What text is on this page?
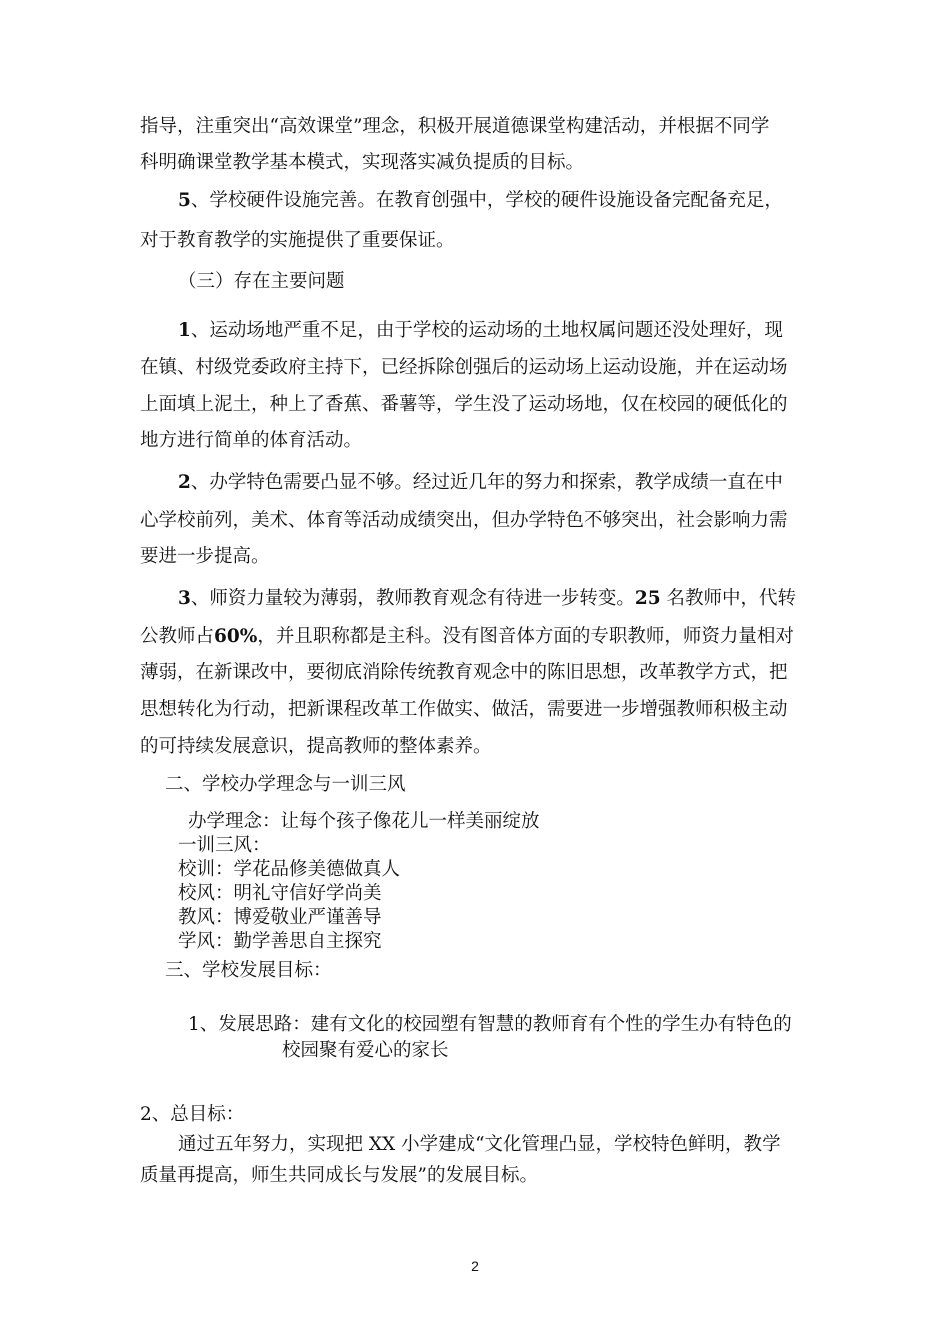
指导，注重突出“高效课堂”理念，积极开展道德课堂构建活动，并根据不同学

科明确课堂教学基本模式，实现落实减负提质的目标。

5、学校硬件设施完善。在教育创强中，学校的硬件设施设备完配备充足，

对于教育教学的实施提供了重要保证。

（三）存在主要问题

1、运动场地严重不足，由于学校的运动场的土地权属问题还没处理好，现

在镇、村级党委政府主持下，已经拆除创强后的运动场上运动设施，并在运动场

上面填上泥土，种上了香蕉、番薯等，学生没了运动场地，仅在校园的硬低化的

地方进行简单的体育活动。

2、办学特色需要凸显不够。经过近几年的努力和探索，教学成绩一直在中

心学校前列，美术、体育等活动成绩突出，但办学特色不够突出，社会影响力需

要进一步提高。

3、师资力量较为薄弱，教师教育观念有待进一步转变。25 名教师中，代转

公教师占60%，并且职称都是主科。没有图音体方面的专职教师，师资力量相对

薄弱，在新课改中，要彻底消除传统教育观念中的陈旧思想，改革教学方式，把

思想转化为行动，把新课程改革工作做实、做活，需要进一步增强教师积极主动

的可持续发展意识，提高教师的整体素养。

二、学校办学理念与一训三风

办学理念：让每个孩子像花儿一样美丽绽放

一训三风：

校训：学花品修美德做真人

校风：明礼守信好学尚美

教风：博爱敬业严谨善导

学风：勤学善思自主探究

三、学校发展目标：

1、发展思路：建有文化的校园塑有智慧的教师育有个性的学生办有特色的

校园聚有爱心的家长

2、总目标：

通过五年努力，实现把 XX 小学建成“文化管理凸显，学校特色鲜明，教学

质量再提高，师生共同成长与发展”的发展目标。

2
